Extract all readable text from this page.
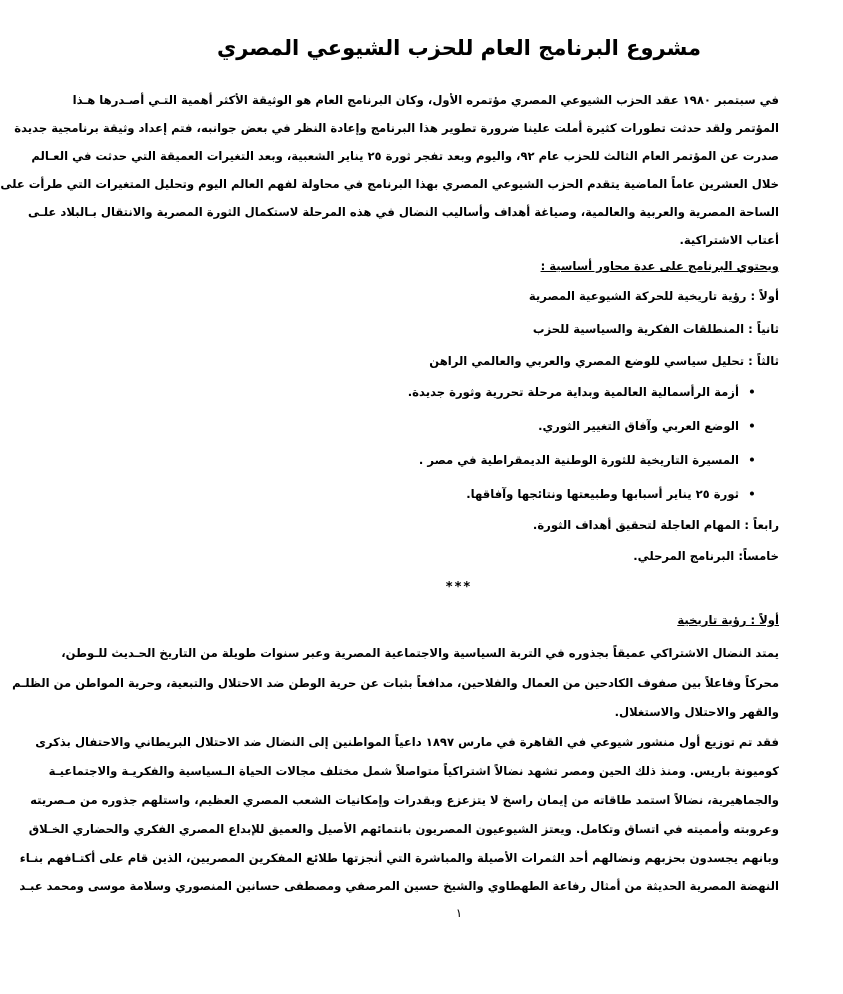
مشروع البرنامج العام للحزب الشيوعي المصري
في سبتمبر ١٩٨٠ عقد الحزب الشيوعي المصري مؤتمره الأول، وكان البرنامج العام هو الوثيقة الأكثر أهمية التـي أصـدرها هـذا
المؤتمر ولقد حدثت تطورات كثيرة أملت علينا ضرورة تطوير هذا البرنامج وإعادة النظر في بعض جوانبه، فتم إعداد وثيقة برنامجية جديدة
صدرت عن المؤتمر العام الثالث للحزب عام ٩٢، واليوم وبعد تفجر ثورة ٢٥ يناير الشعبية، وبعد التغيرات العميقة التي حدثت في العـالم
خلال العشرين عاماً الماضية يتقدم الحزب الشيوعي المصري بهذا البرنامج في محاولة لفهم العالم اليوم وتحليل المتغيرات التي طرأت على
الساحة المصرية والعربية والعالمية، وصياغة أهداف وأساليب النضال في هذه المرحلة لاستكمال الثورة المصرية والانتقال بـالبلاد علـى
أعتاب الاشتراكية.
ويحتوي البرنامج على عدة محاور أساسية :
أولاً : رؤية تاريخية للحركة الشيوعية المصرية
ثانياً : المنطلقات الفكرية والسياسية للحزب
ثالثاً : تحليل سياسي للوضع المصري والعربي والعالمي الراهن
• أزمة الرأسمالية العالمية وبداية مرحلة تحررية وثورة جديدة.
• الوضع العربي وآفاق التغيير الثوري.
• المسيرة التاريخية للثورة الوطنية الديمقراطية في مصر .
• ثورة ٢٥ يناير أسبابها وطبيعتها ونتائجها وآفاقها.
رابعاً : المهام العاجلة لتحقيق أهداف الثورة.
خامساً: البرنامج المرحلي.
***
أولاً : رؤية تاريخية
يمتد النضال الاشتراكي عميقاً بجذوره في التربة السياسية والاجتماعية المصرية وعبر سنوات طويلة من التاريخ الحـديث للـوطن،
محركاً وفاعلاً بين صفوف الكادحين من العمال والفلاحين، مدافعاً بثبات عن حرية الوطن ضد الاحتلال والتبعية، وحرية المواطن من الظلـم
والقهر والاحتلال والاستغلال.
فقد تم توزيع أول منشور شيوعي في القاهرة في مارس ١٨٩٧ داعياً المواطنين إلى النضال ضد الاحتلال البريطاني والاحتفال بذكرى
كوميونة باريس. ومنذ ذلك الحين ومصر تشهد نضالاً اشتراكياً متواصلاً شمل مختلف مجالات الحياة الـسياسية والفكريـة والاجتماعيـة
والجماهيرية، نضالاً استمد طاقاته من إيمان راسخ لا يتزعزع وبقدرات وإمكانيات الشعب المصري العظيم، واستلهم جذوره من مـصريته
وعروبته وأمميته في اتساق وتكامل. ويعتز الشيوعيون المصريون بانتمائهم الأصيل والعميق للإبداع المصري الفكري والحضاري الخـلاق
وبانهم يجسدون بحزبهم ونضالهم أحد الثمرات الأصيلة والمباشرة التي أنجزتها طلائع المفكرين المصريين، الذين قام على أكتـافهم بنـاء
النهضة المصرية الحديثة من أمثال رفاعة الطهطاوي والشيخ حسين المرصفي ومصطفى حسانين المنصوري وسلامة موسى ومحمد عبـد
١
